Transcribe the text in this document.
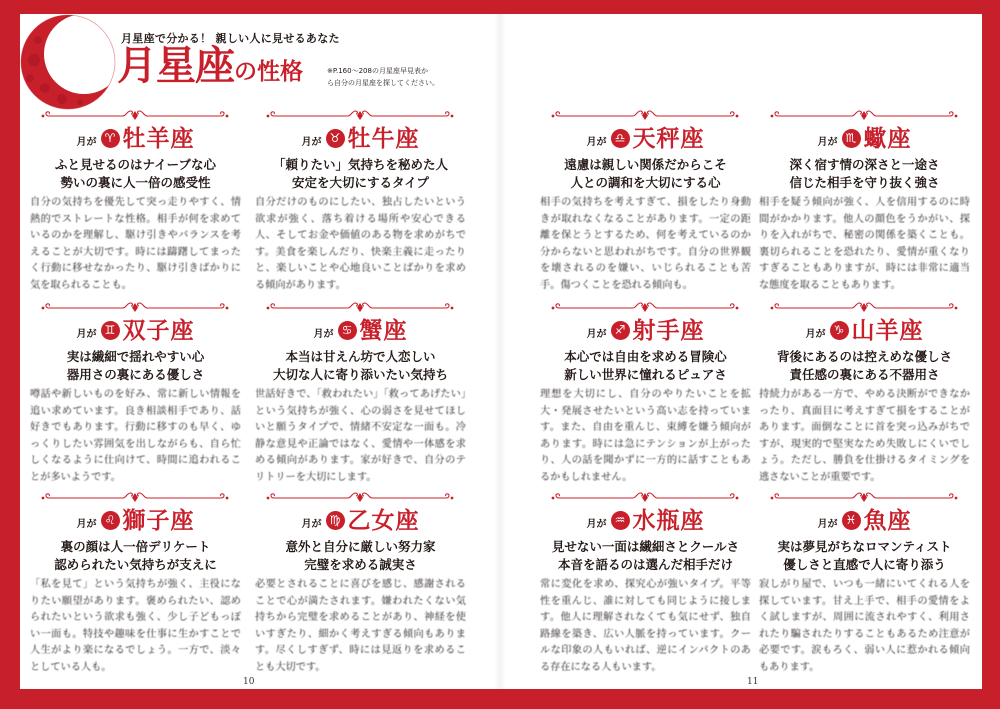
月星座で分かる！ 親しい人に見せるあなた
月星座の性格	※P.160～208の月星座早見表か
ら自分の月星座を探してください。
月が ♈ 牡羊座
ふと見せるのはナイーブな心
勢いの裏に人一倍の感受性

自分の気持ちを優先して突っ走りやすく、情熱的でストレートな性格。相手が何を求めているのかを理解し、駆け引きやバランスを考えることが大切です。時には躊躇してまったく行動に移せなかったり、駆け引きばかりに気を取られることも。

月が ♉ 牡牛座
「頼りたい」気持ちを秘めた人
安定を大切にするタイプ

自分だけのものにしたい、独占したいという欲求が強く、落ち着ける場所や安心できる人、そしてお金や価値のある物を求めがちです。美食を楽しんだり、快楽主義に走ったりと、楽しいことや心地良いことばかりを求める傾向があります。

月が ♊ 双子座
実は繊細で揺れやすい心
器用さの裏にある優しさ

噂話や新しいものを好み、常に新しい情報を追い求めています。良き相談相手であり、話好きでもあります。行動に移すのも早く、ゆっくりしたい雰囲気を出しながらも、自ら忙しくなるように仕向けて、時間に追われることが多いようです。

月が ♋ 蟹座
本当は甘えん坊で人恋しい
大切な人に寄り添いたい気持ち

世話好きで、「救われたい」「救ってあげたい」という気持ちが強く、心の弱さを見せてほしいと願うタイプで、情緒不安定な一面も。冷静な意見や正論ではなく、愛情や一体感を求める傾向があります。家が好きで、自分のテリトリーを大切にします。

月が ♌ 獅子座
裏の顔は人一倍デリケート
認められたい気持ちが支えに

「私を見て」という気持ちが強く、主役になりたい願望があります。褒められたい、認められたいという欲求も強く、少し子どもっぽい一面も。特技や趣味を仕事に生かすことで人生がより楽になるでしょう。一方で、淡々としている人も。

月が ♍ 乙女座
意外と自分に厳しい努力家
完璧を求める誠実さ

必要とされることに喜びを感じ、感謝されることで心が満たされます。嫌われたくない気持ちから完璧を求めることがあり、神経を使いすぎたり、細かく考えすぎる傾向もあります。尽くしすぎず、時には見返りを求めることも大切です。

月が ♎ 天秤座
遠慮は親しい関係だからこそ
人との調和を大切にする心

相手の気持ちを考えすぎて、損をしたり身動きが取れなくなることがあります。一定の距離を保とうとするため、何を考えているのか分からないと思われがちです。自分の世界観を壊されるのを嫌い、いじられることも苦手。傷つくことを恐れる傾向も。

月が ♏ 蠍座
深く宿す情の深さと一途さ
信じた相手を守り抜く強さ

相手を疑う傾向が強く、人を信用するのに時間がかかります。他人の顔色をうかがい、探りを入れがちで、秘密の関係を築くことも。裏切られることを恐れたり、愛情が重くなりすぎることもありますが、時には非常に適当な態度を取ることもあります。

月が ♐ 射手座
本心では自由を求める冒険心
新しい世界に憧れるピュアさ

理想を大切にし、自分のやりたいことを拡大・発展させたいという高い志を持っています。また、自由を重んじ、束縛を嫌う傾向があります。時には急にテンションが上がったり、人の話を聞かずに一方的に話すこともあるかもしれません。

月が ♑ 山羊座
背後にあるのは控えめな優しさ
責任感の裏にある不器用さ

持続力がある一方で、やめる決断ができなかったり、真面目に考えすぎて損をすることがあります。面倒なことに首を突っ込みがちですが、現実的で堅実なため失敗しにくいでしょう。ただし、勝負を仕掛けるタイミングを逃さないことが重要です。

月が ♒ 水瓶座
見せない一面は繊細さとクールさ
本音を語るのは選んだ相手だけ

常に変化を求め、探究心が強いタイプ。平等性を重んじ、誰に対しても同じように接します。他人に理解されなくても気にせず、独自路線を築き、広い人脈を持っています。クールな印象の人もいれば、逆にインパクトのある存在になる人もいます。

月が ♓ 魚座
実は夢見がちなロマンティスト
優しさと直感で人に寄り添う

寂しがり屋で、いつも一緒にいてくれる人を探しています。甘え上手で、相手の愛情をよく試しますが、周囲に流されやすく、利用されたり騙されたりすることもあるため注意が必要です。涙もろく、弱い人に惹かれる傾向もあります。

10	11
